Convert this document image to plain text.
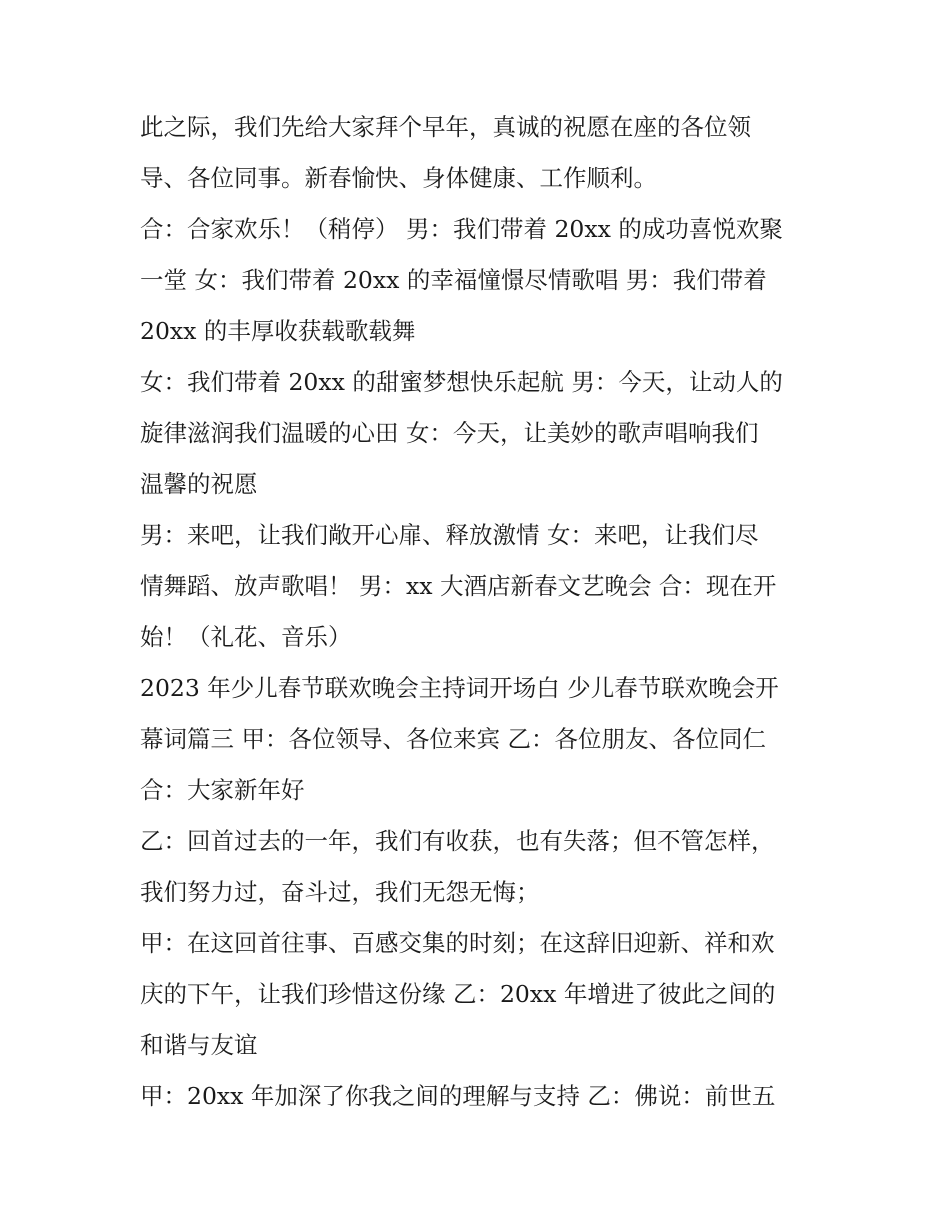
此之际，我们先给大家拜个早年，真诚的祝愿在座的各位领
导、各位同事。新春愉快、身体健康、工作顺利。
合：合家欢乐！（稍停） 男：我们带着 20xx 的成功喜悦欢聚
一堂 女：我们带着 20xx 的幸福憧憬尽情歌唱 男：我们带着
20xx 的丰厚收获载歌载舞
女：我们带着 20xx 的甜蜜梦想快乐起航 男：今天，让动人的
旋律滋润我们温暖的心田 女：今天，让美妙的歌声唱响我们
温馨的祝愿
男：来吧，让我们敞开心扉、释放激情 女：来吧，让我们尽
情舞蹈、放声歌唱！ 男：xx 大酒店新春文艺晚会 合：现在开
始！（礼花、音乐）
2023 年少儿春节联欢晚会主持词开场白 少儿春节联欢晚会开
幕词篇三 甲：各位领导、各位来宾 乙：各位朋友、各位同仁
合：大家新年好
乙：回首过去的一年，我们有收获，也有失落；但不管怎样，
我们努力过，奋斗过，我们无怨无悔；
甲：在这回首往事、百感交集的时刻；在这辞旧迎新、祥和欢
庆的下午，让我们珍惜这份缘 乙：20xx 年增进了彼此之间的
和谐与友谊
甲：20xx 年加深了你我之间的理解与支持 乙：佛说：前世五
